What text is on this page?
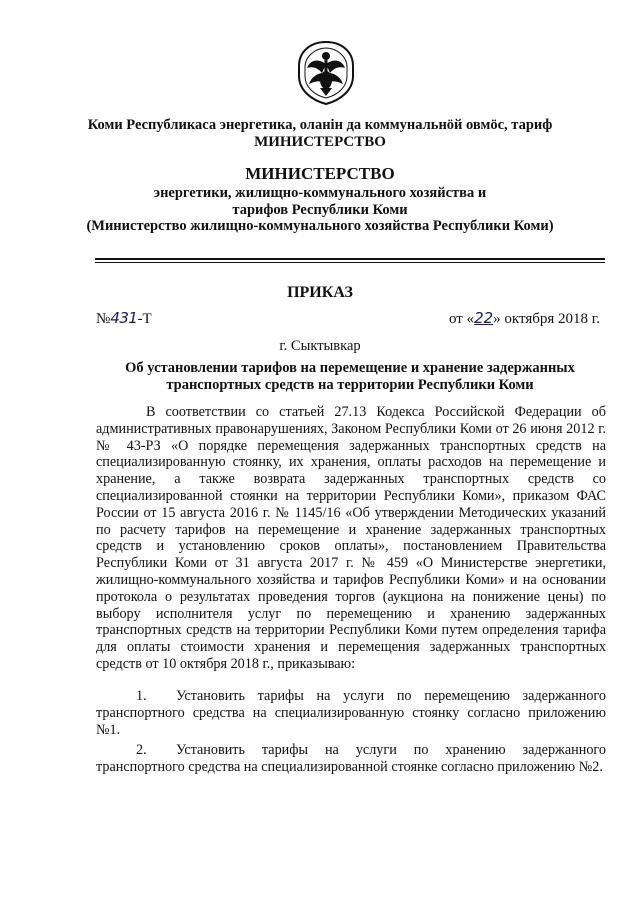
Коми Республикаса энергетика, оланін да коммунальнӧй овмӧс, тариф
МИНИСТЕРСТВО
МИНИСТЕРСТВО
энергетики, жилищно-коммунального хозяйства и
тарифов Республики Коми
(Министерство жилищно-коммунального хозяйства Республики Коми)
ПРИКАЗ
№431-Т	от «22» октября 2018 г.
г. Сыктывкар
Об установлении тарифов на перемещение и хранение задержанных транспортных средств на территории Республики Коми

В соответствии со статьей 27.13 Кодекса Российской Федерации об административных правонарушениях, Законом Республики Коми от 26 июня 2012 г. № 43-РЗ «О порядке перемещения задержанных транспортных средств на специализированную стоянку, их хранения, оплаты расходов на перемещение и хранение, а также возврата задержанных транспортных средств со специализированной стоянки на территории Республики Коми», приказом ФАС России от 15 августа 2016 г. № 1145/16 «Об утверждении Методических указаний по расчету тарифов на перемещение и хранение задержанных транспортных средств и установлению сроков оплаты», постановлением Правительства Республики Коми от 31 августа 2017 г. № 459 «О Министерстве энергетики, жилищно-коммунального хозяйства и тарифов Республики Коми» и на основании протокола о результатах проведения торгов (аукциона на понижение цены) по выбору исполнителя услуг по перемещению и хранению задержанных транспортных средств на территории Республики Коми путем определения тарифа для оплаты стоимости хранения и перемещения задержанных транспортных средств от 10 октября 2018 г., приказываю:

1. Установить тарифы на услуги по перемещению задержанного транспортного средства на специализированную стоянку согласно приложению №1.
2. Установить тарифы на услуги по хранению задержанного транспортного средства на специализированной стоянке согласно приложению №2.
